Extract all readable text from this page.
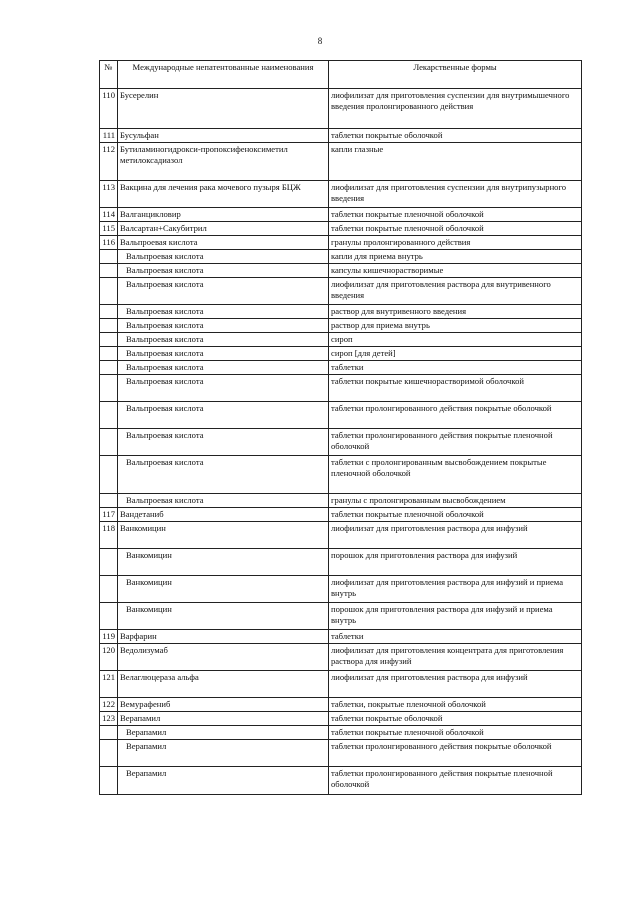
8
№	Международные непатентованные наименования	Лекарственные формы
110	Бусерелин	лиофилизат для приготовления суспензии для внутримышечного введения пролонгированного действия
111	Бусульфан	таблетки покрытые оболочкой
112	Бутиламиногидрокси-пропоксифеноксиметил метилоксадиазол	капли глазные
113	Вакцина для лечения рака мочевого пузыря БЦЖ	лиофилизат для приготовления суспензии для внутрипузырного введения
114	Валганцикловир	таблетки покрытые пленочной оболочкой
115	Валсартан+Сакубитрил	таблетки покрытые пленочной оболочкой
116	Вальпроевая кислота	гранулы пролонгированного действия
	Вальпроевая кислота	капли для приема внутрь
	Вальпроевая кислота	капсулы кишечнорастворимые
	Вальпроевая кислота	лиофилизат для приготовления раствора для внутривенного введения
	Вальпроевая кислота	раствор для внутривенного введения
	Вальпроевая кислота	раствор для приема внутрь
	Вальпроевая кислота	сироп
	Вальпроевая кислота	сироп [для детей]
	Вальпроевая кислота	таблетки
	Вальпроевая кислота	таблетки покрытые кишечнорастворимой оболочкой
	Вальпроевая кислота	таблетки пролонгированного действия покрытые оболочкой
	Вальпроевая кислота	таблетки пролонгированного действия покрытые пленочной оболочкой
	Вальпроевая кислота	таблетки с пролонгированным высвобождением покрытые пленочной оболочкой
	Вальпроевая кислота	гранулы с пролонгированным высвобождением
117	Вандетаниб	таблетки покрытые пленочной оболочкой
118	Ванкомицин	лиофилизат для приготовления раствора для инфузий
	Ванкомицин	порошок для приготовления раствора для инфузий
	Ванкомицин	лиофилизат для приготовления раствора для инфузий и приема внутрь
	Ванкомицин	порошок для приготовления раствора для инфузий и приема внутрь
119	Варфарин	таблетки
120	Ведолизумаб	лиофилизат для приготовления концентрата для приготовления раствора для инфузий
121	Велаглюцераза альфа	лиофилизат для приготовления раствора для инфузий
122	Вемурафениб	таблетки, покрытые пленочной оболочкой
123	Верапамил	таблетки покрытые оболочкой
	Верапамил	таблетки покрытые пленочной оболочкой
	Верапамил	таблетки пролонгированного действия покрытые оболочкой
	Верапамил	таблетки пролонгированного действия покрытые пленочной оболочкой
